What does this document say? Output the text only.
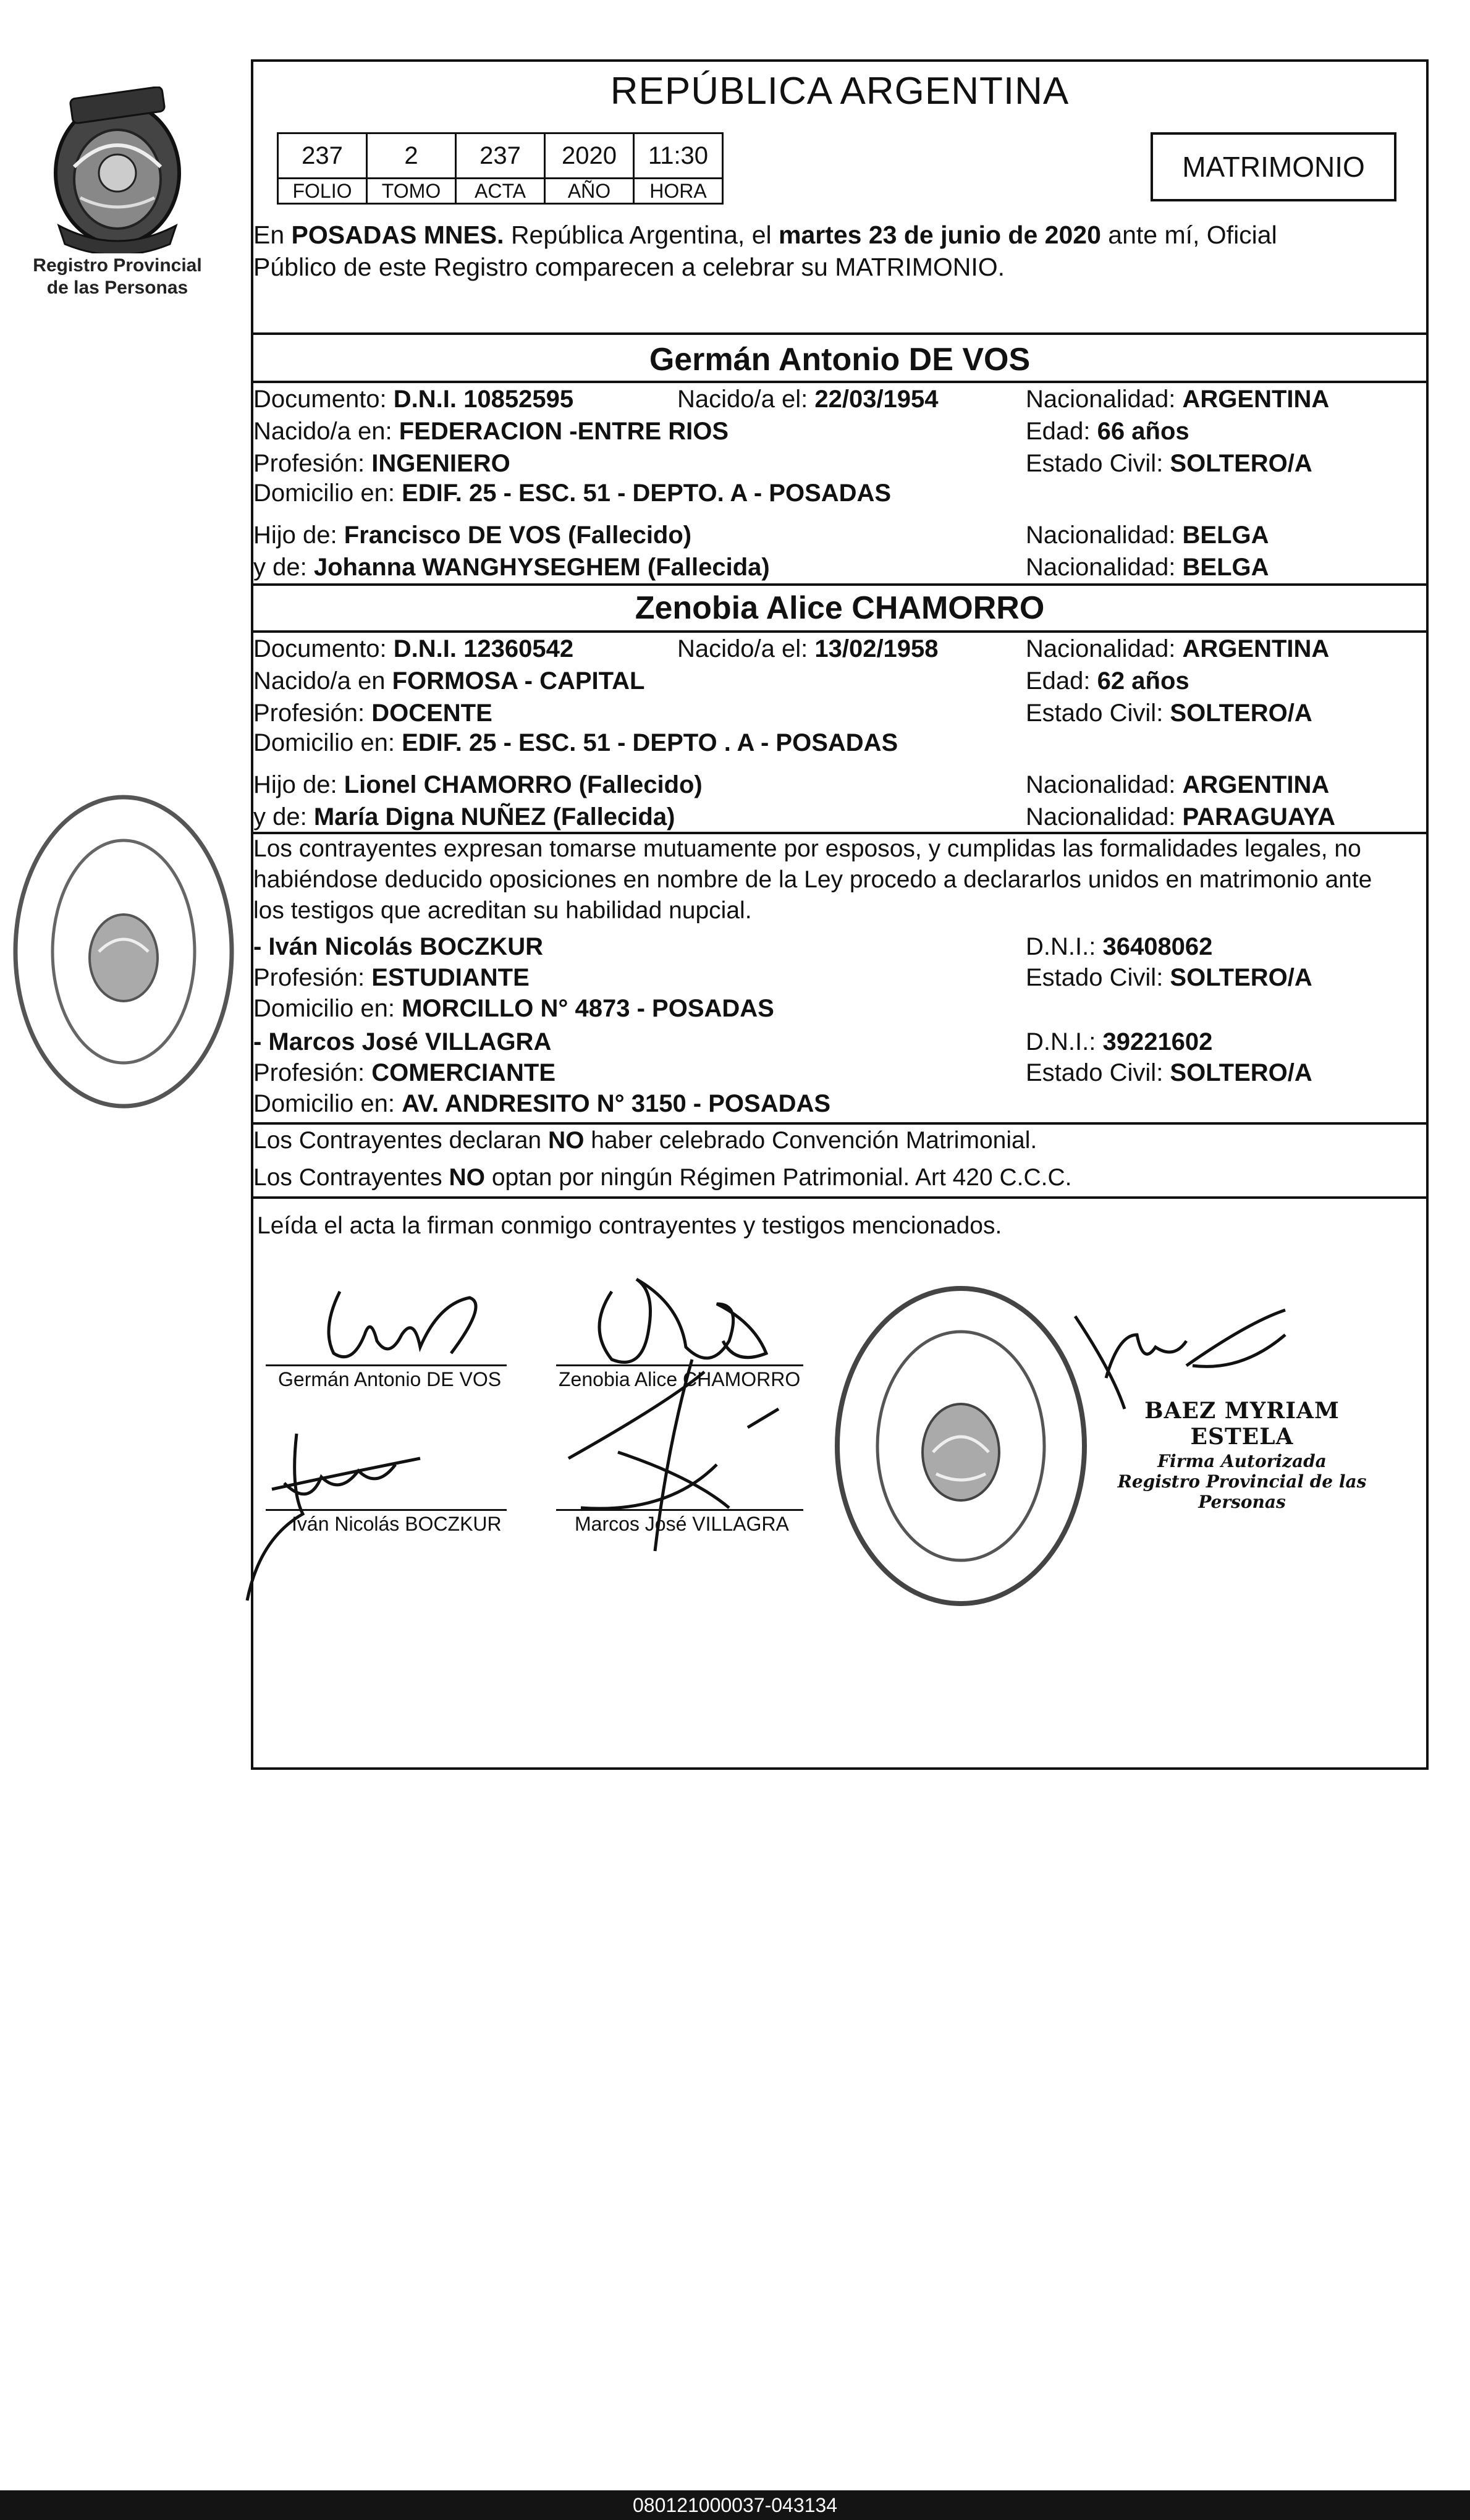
Registro Provincial
de las Personas
REPÚBLICA ARGENTINA
237	2	237	2020	11:30
FOLIO	TOMO	ACTA	AÑO	HORA
MATRIMONIO
En POSADAS MNES. República Argentina, el martes 23 de junio de 2020 ante mí, Oficial
Público de este Registro comparecen a celebrar su MATRIMONIO.
Germán Antonio DE VOS
Documento: D.N.I. 10852595	Nacido/a el: 22/03/1954	Nacionalidad: ARGENTINA
Nacido/a en: FEDERACION -ENTRE RIOS	Edad: 66 años
Profesión: INGENIERO	Estado Civil: SOLTERO/A
Domicilio en: EDIF. 25 - ESC. 51 - DEPTO. A - POSADAS
Hijo de: Francisco DE VOS (Fallecido)	Nacionalidad: BELGA
y de: Johanna WANGHYSEGHEM (Fallecida)	Nacionalidad: BELGA
Zenobia Alice CHAMORRO
Documento: D.N.I. 12360542	Nacido/a el: 13/02/1958	Nacionalidad: ARGENTINA
Nacido/a en FORMOSA - CAPITAL	Edad: 62 años
Profesión: DOCENTE	Estado Civil: SOLTERO/A
Domicilio en: EDIF. 25 - ESC. 51 - DEPTO . A - POSADAS
Hijo de: Lionel CHAMORRO (Fallecido)	Nacionalidad: ARGENTINA
y de: María Digna NUÑEZ (Fallecida)	Nacionalidad: PARAGUAYA
Los contrayentes expresan tomarse mutuamente por esposos, y cumplidas las formalidades legales, no
habiéndose deducido oposiciones en nombre de la Ley procedo a declararlos unidos en matrimonio ante
los testigos que acreditan su habilidad nupcial.
- Iván Nicolás BOCZKUR	D.N.I.: 36408062
Profesión: ESTUDIANTE	Estado Civil: SOLTERO/A
Domicilio en: MORCILLO N° 4873 - POSADAS
- Marcos José VILLAGRA	D.N.I.: 39221602
Profesión: COMERCIANTE	Estado Civil: SOLTERO/A
Domicilio en: AV. ANDRESITO N° 3150 - POSADAS
Los Contrayentes declaran NO haber celebrado Convención Matrimonial.
Los Contrayentes NO optan por ningún Régimen Patrimonial. Art 420 C.C.C.
Leída el acta la firman conmigo contrayentes y testigos mencionados.
Germán Antonio DE VOS	Zenobia Alice CHAMORRO
Iván Nicolás BOCZKUR	Marcos José VILLAGRA
BAEZ MYRIAM ESTELA
Firma Autorizada
Registro Provincial de las Personas
080121000037-043134
